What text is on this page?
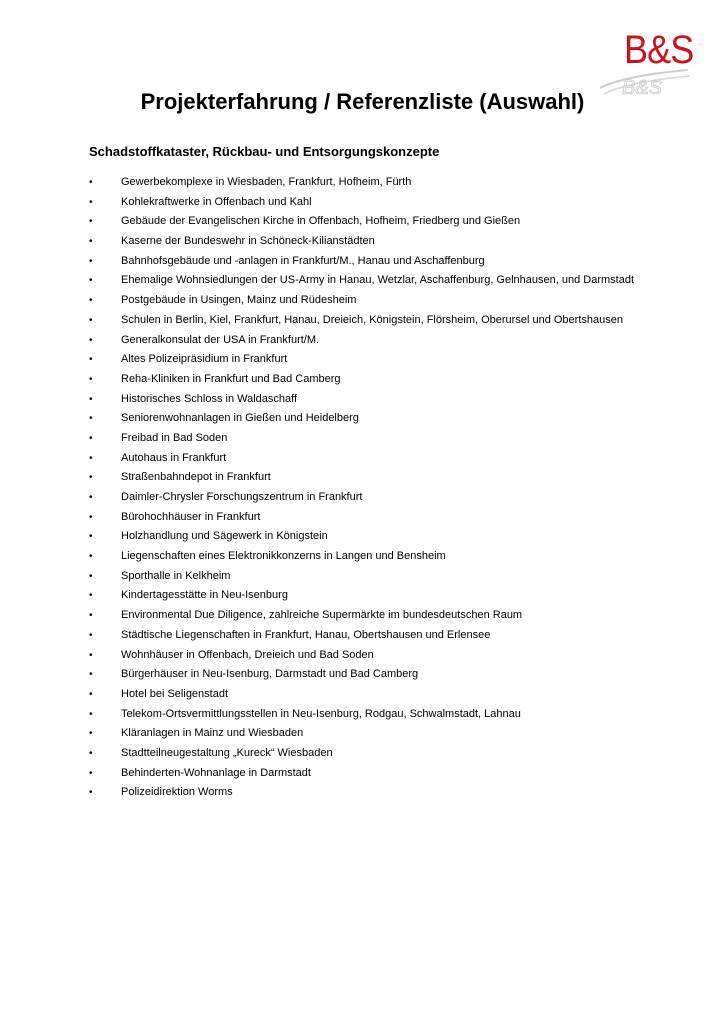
B&S
B&S
Projekterfahrung / Referenzliste (Auswahl)
Schadstoffkataster, Rückbau- und Entsorgungskonzepte
•	Gewerbekomplexe in Wiesbaden, Frankfurt, Hofheim, Fürth
•	Kohlekraftwerke in Offenbach und Kahl
•	Gebäude der Evangelischen Kirche in Offenbach, Hofheim, Friedberg und Gießen
•	Kaserne der Bundeswehr in Schöneck-Kilianstädten
•	Bahnhofsgebäude und -anlagen in Frankfurt/M., Hanau und Aschaffenburg
•	Ehemalige Wohnsiedlungen der US-Army in Hanau, Wetzlar, Aschaffenburg, Gelnhausen, und Darmstadt
•	Postgebäude in Usingen, Mainz und Rüdesheim
•	Schulen in Berlin, Kiel, Frankfurt, Hanau, Dreieich, Königstein, Flörsheim, Oberursel und Obertshausen
•	Generalkonsulat der USA in Frankfurt/M.
•	Altes Polizeipräsidium in Frankfurt
•	Reha-Kliniken in Frankfurt und Bad Camberg
•	Historisches Schloss in Waldaschaff
•	Seniorenwohnanlagen in Gießen und Heidelberg
•	Freibad in Bad Soden
•	Autohaus in Frankfurt
•	Straßenbahndepot in Frankfurt
•	Daimler-Chrysler Forschungszentrum in Frankfurt
•	Bürohochhäuser in Frankfurt
•	Holzhandlung und Sägewerk in Königstein
•	Liegenschaften eines Elektronikkonzerns in Langen und Bensheim
•	Sporthalle in Kelkheim
•	Kindertagesstätte in Neu-Isenburg
•	Environmental Due Diligence, zahlreiche Supermärkte im bundesdeutschen Raum
•	Städtische Liegenschaften in Frankfurt, Hanau, Obertshausen und Erlensee
•	Wohnhäuser in Offenbach, Dreieich und Bad Soden
•	Bürgerhäuser in Neu-Isenburg, Darmstadt und Bad Camberg
•	Hotel bei Seligenstadt
•	Telekom-Ortsvermittlungsstellen in Neu-Isenburg, Rodgau, Schwalmstadt, Lahnau
•	Kläranlagen in Mainz und Wiesbaden
•	Stadtteilneugestaltung „Kureck“ Wiesbaden
•	Behinderten-Wohnanlage in Darmstadt
•	Polizeidirektion Worms
